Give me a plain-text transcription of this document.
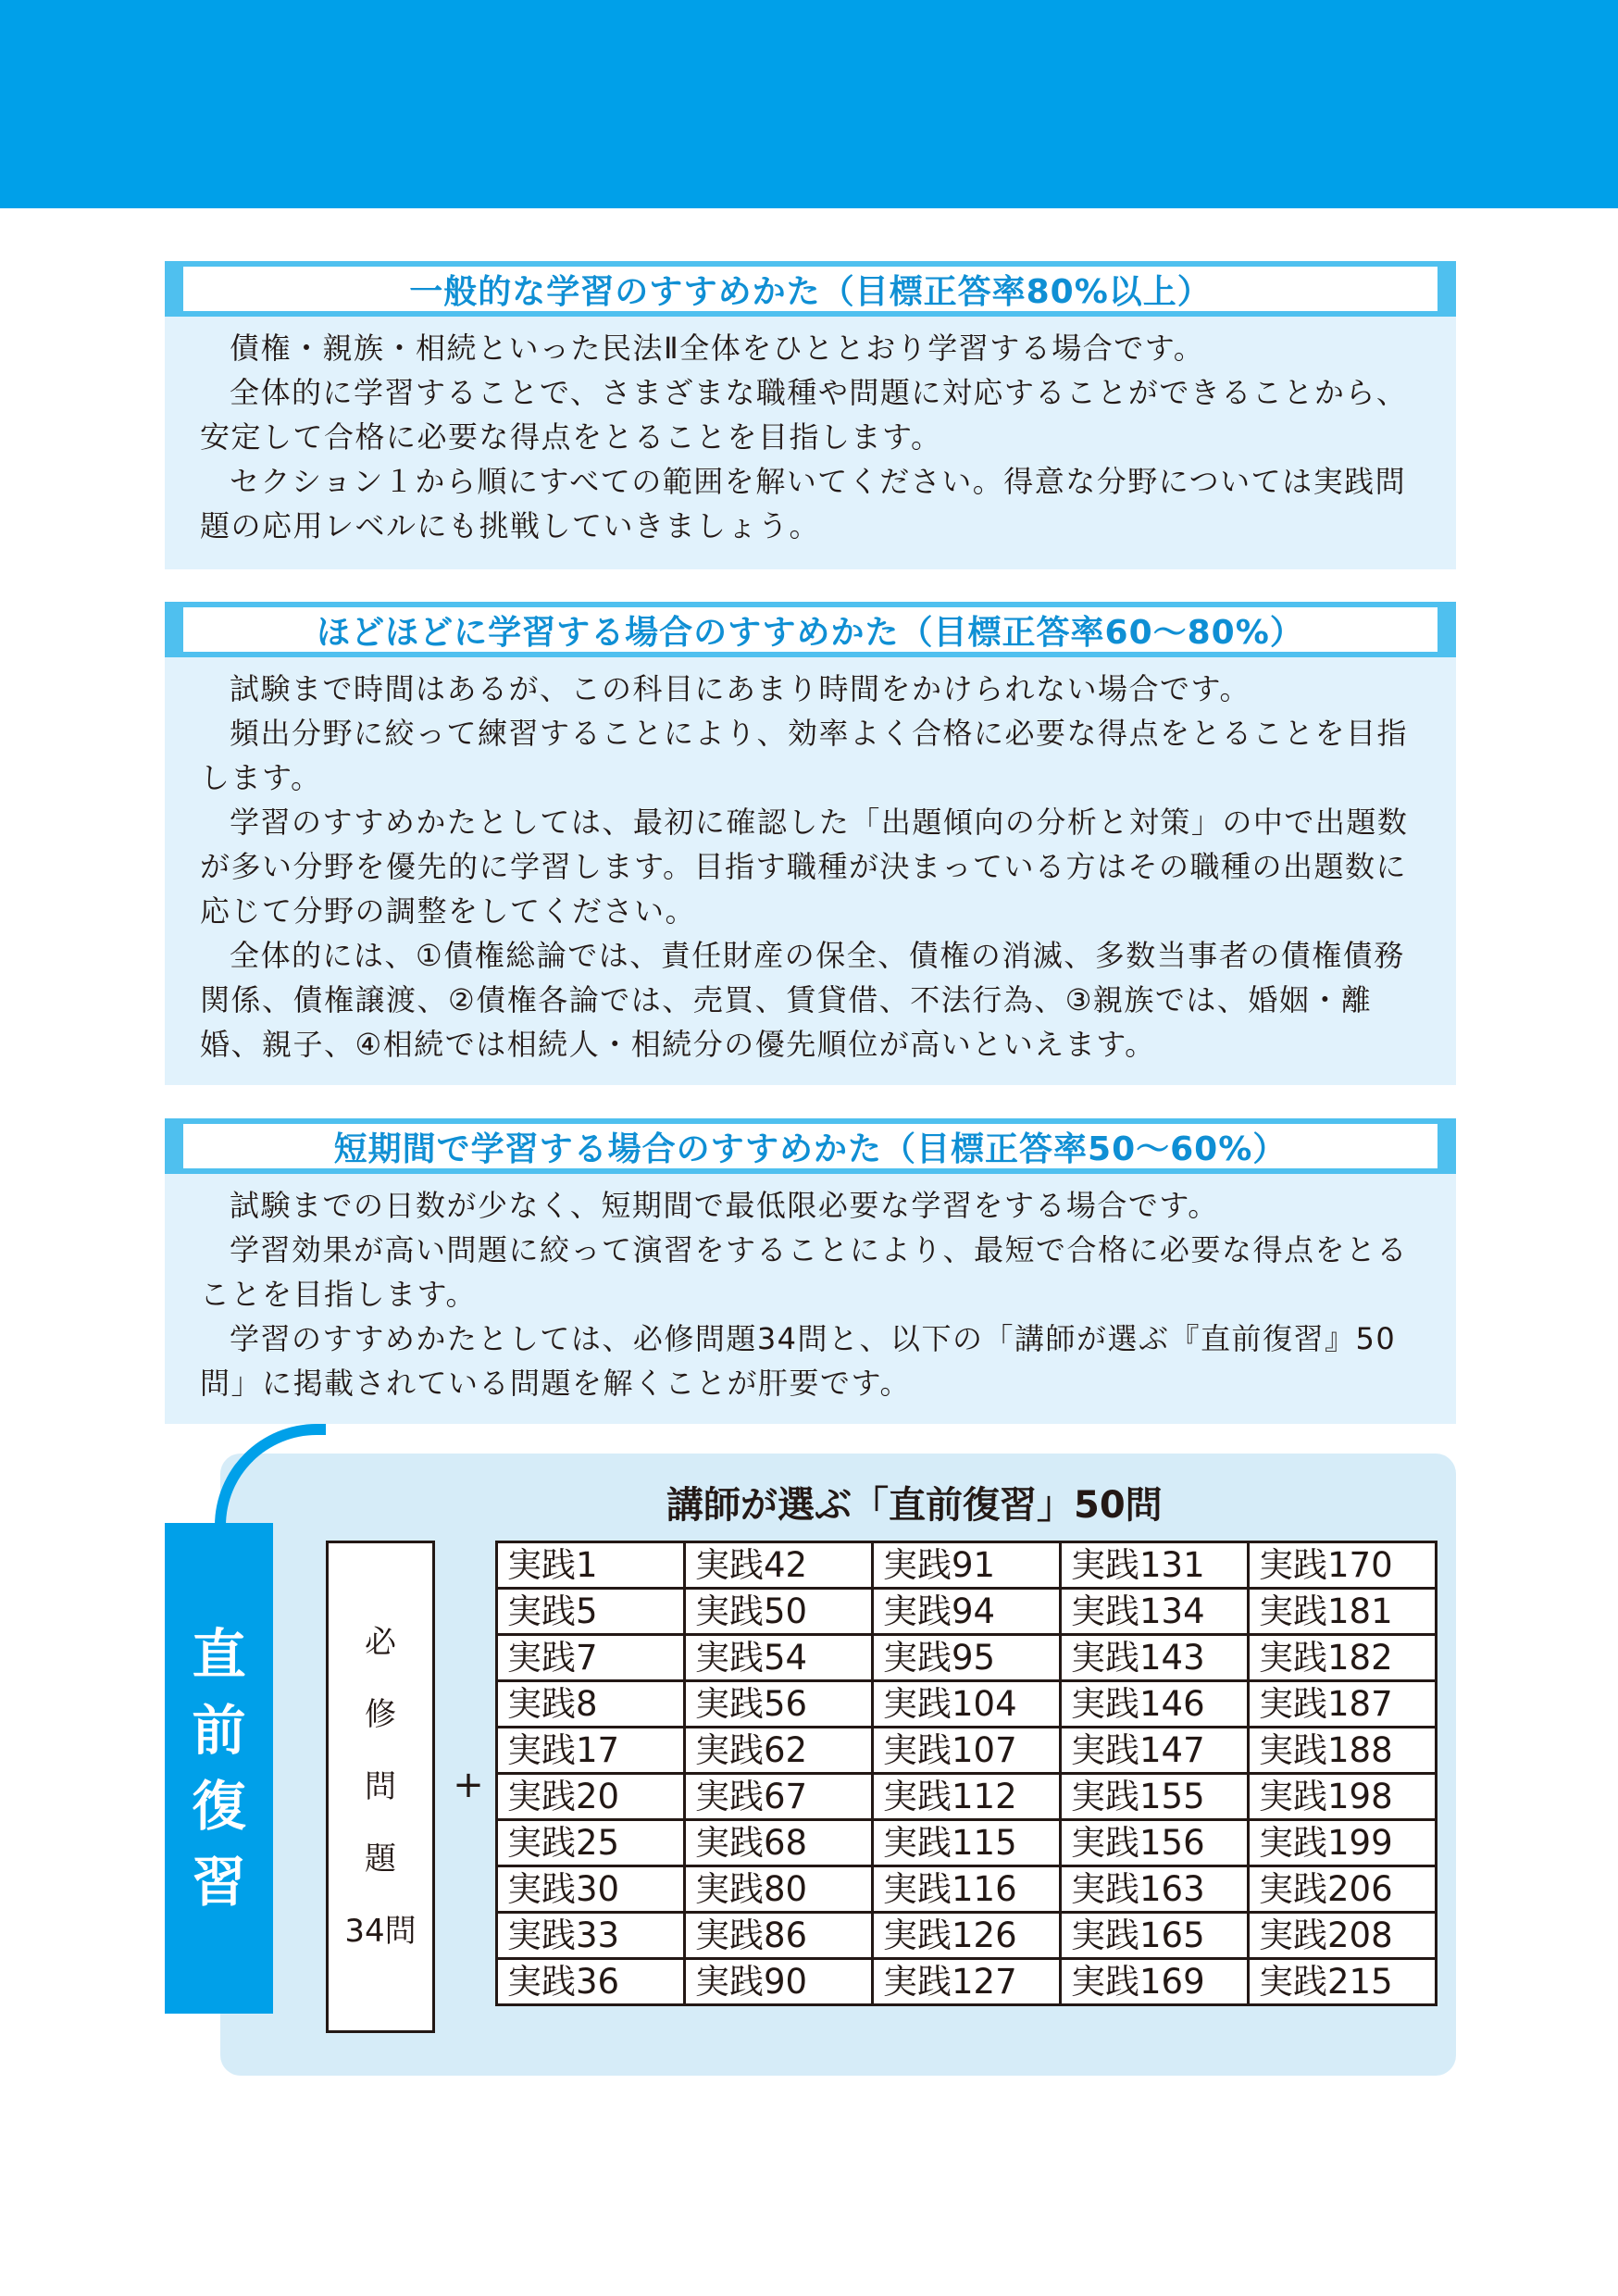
一般的な学習のすすめかた（目標正答率80%以上）

債権・親族・相続といった民法Ⅱ全体をひととおり学習する場合です。

全体的に学習することで、さまざまな職種や問題に対応することができることから、安定して合格に必要な得点をとることを目指します。

セクション１から順にすべての範囲を解いてください。得意な分野については実践問題の応用レベルにも挑戦していきましょう。

ほどほどに学習する場合のすすめかた（目標正答率60～80%）

試験まで時間はあるが、この科目にあまり時間をかけられない場合です。

頻出分野に絞って練習することにより、効率よく合格に必要な得点をとることを目指します。

学習のすすめかたとしては、最初に確認した「出題傾向の分析と対策」の中で出題数が多い分野を優先的に学習します。目指す職種が決まっている方はその職種の出題数に応じて分野の調整をしてください。

全体的には、①債権総論では、責任財産の保全、債権の消滅、多数当事者の債権債務関係、債権譲渡、②債権各論では、売買、賃貸借、不法行為、③親族では、婚姻・離婚、親子、④相続では相続人・相続分の優先順位が高いといえます。

短期間で学習する場合のすすめかた（目標正答率50～60%）

試験までの日数が少なく、短期間で最低限必要な学習をする場合です。

学習効果が高い問題に絞って演習をすることにより、最短で合格に必要な得点をとることを目指します。

学習のすすめかたとしては、必修問題34問と、以下の「講師が選ぶ『直前復習』50問」に掲載されている問題を解くことが肝要です。

直
前
復
習
講師が選ぶ「直前復習」50問
必
修
問
題
34問
+
実践1	実践42	実践91	実践131	実践170
実践5	実践50	実践94	実践134	実践181
実践7	実践54	実践95	実践143	実践182
実践8	実践56	実践104	実践146	実践187
実践17	実践62	実践107	実践147	実践188
実践20	実践67	実践112	実践155	実践198
実践25	実践68	実践115	実践156	実践199
実践30	実践80	実践116	実践163	実践206
実践33	実践86	実践126	実践165	実践208
実践36	実践90	実践127	実践169	実践215
